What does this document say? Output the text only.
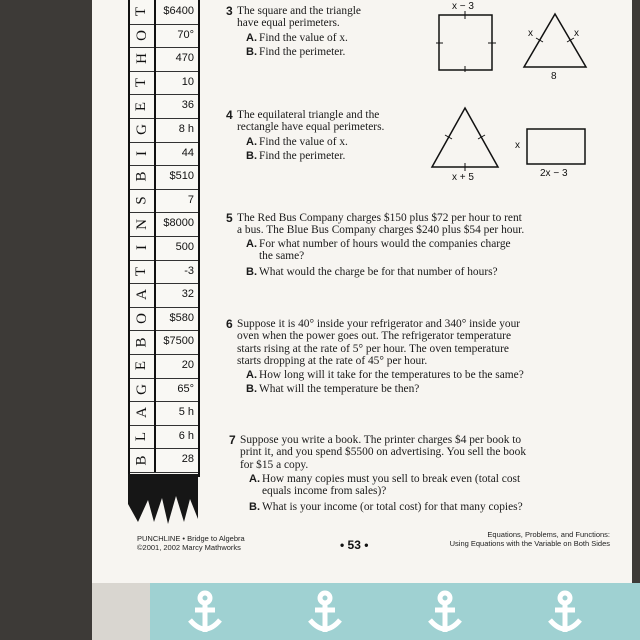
T	$6400
O	70°
H	470
T	10
E	36
G	8 h
I	44
B	$510
S	7
N	$8000
I	500
T	-3
A	32
O	$580
B	$7500
E	20
G	65°
A	5 h
L	6 h
B	28
3 The square and the triangle
have equal perimeters.
A. Find the value of x.
B. Find the perimeter.
x − 3
x	x
8
4 The equilateral triangle and the
rectangle have equal perimeters.
A. Find the value of x.
B. Find the perimeter.
x + 5
x
2x − 3
5 The Red Bus Company charges $150 plus $72 per hour to rent
a bus. The Blue Bus Company charges $240 plus $54 per hour.
A. For what number of hours would the companies charge
the same?
B. What would the charge be for that number of hours?
6 Suppose it is 40° inside your refrigerator and 340° inside your
oven when the power goes out. The refrigerator temperature
starts rising at the rate of 5° per hour. The oven temperature
starts dropping at the rate of 45° per hour.
A. How long will it take for the temperatures to be the same?
B. What will the temperature be then?
7 Suppose you write a book. The printer charges $4 per book to
print it, and you spend $5500 on advertising. You sell the book
for $15 a copy.
A. How many copies must you sell to break even (total cost
equals income from sales)?
B. What is your income (or total cost) for that many copies?
PUNCHLINE • Bridge to Algebra
©2001, 2002 Marcy Mathworks	• 53 •
Equations, Problems, and Functions:
Using Equations with the Variable on Both Sides
